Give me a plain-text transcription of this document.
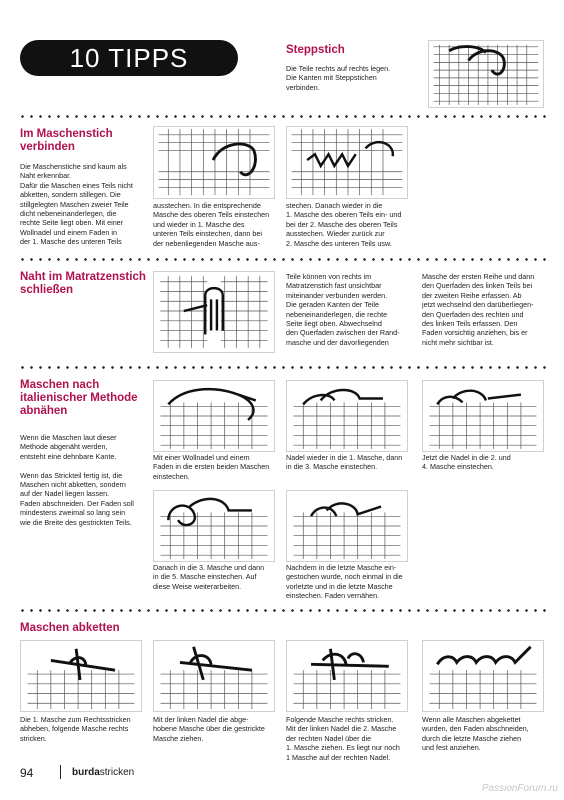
10 TIPPS	Steppstich
Die Teile rechts auf rechts legen.
Die Kanten mit Steppstichen
verbinden.
Im Maschenstich
verbinden
Die Maschenstiche sind kaum als
Naht erkennbar.
Dafür die Maschen eines Teils nicht
abketten, sondern stillegen. Die
stillgelegten Maschen zweier Teile
dicht nebeneinanderlegen, die
rechte Seite liegt oben. Mit einer
Wollnadel und einem Faden in
der 1. Masche des unteren Teils
ausstechen. In die entsprechende
Masche des oberen Teils einstechen
und wieder in 1. Masche des
unteren Teils einstechen, dann bei
der nebenliegenden Masche aus-
stechen. Danach wieder in die
1. Masche des oberen Teils ein- und
bei der 2. Masche des oberen Teils
ausstechen. Wieder zurück zur
2. Masche des unteren Teils usw.
Naht im Matratzenstich
schließen
Teile können von rechts im
Matratzenstich fast unsichtbar
miteinander verbunden werden.
Die geraden Kanten der Teile
nebeneinanderlegen, die rechte
Seite liegt oben. Abwechselnd
den Querfaden zwischen der Rand-
masche und der davorliegenden
Masche der ersten Reihe und dann
den Querfaden des linken Teils bei
der zweiten Reihe erfassen. Ab
jetzt wechselnd den darüberliegen-
den Querfaden des rechten und
des linken Teils erfassen. Den
Faden vorsichtig anziehen, bis er
nicht mehr sichtbar ist.
Maschen nach
italienischer Methode
abnähen
Wenn die Maschen laut dieser
Methode abgenäht werden,
entsteht eine dehnbare Kante.
Wenn das Strickteil fertig ist, die
Maschen nicht abketten, sondern
auf der Nadel liegen lassen.
Faden abschneiden. Der Faden soll
mindestens zweimal so lang sein
wie die Breite des gestrickten Teils.
Mit einer Wollnadel und einem
Faden in die ersten beiden Maschen
einstechen.
Nadel wieder in die 1. Masche, dann
in die 3. Masche einstechen.
Jetzt die Nadel in die 2. und
4. Masche einstechen.
Danach in die 3. Masche und dann
in die 5. Masche einstechen. Auf
diese Weise weiterarbeiten.
Nachdem in die letzte Masche ein-
gestochen wurde, noch einmal in die
vorletzte und in die letzte Masche
einstechen. Faden vernähen.
Maschen abketten
Die 1. Masche zum Rechtsstricken
abheben, folgende Masche rechts
stricken.
Mit der linken Nadel die abge-
hobene Masche über die gestrickte
Masche ziehen.
Folgende Masche rechts stricken.
Mit der linken Nadel die 2. Masche
der rechten Nadel über die
1. Masche ziehen. Es liegt nur noch
1 Masche auf der rechten Nadel.
Wenn alle Maschen abgekettet
wurden, den Faden abschneiden,
durch die letzte Masche ziehen
und fest anziehen.
94	burdastricken
PassionForum.ru
